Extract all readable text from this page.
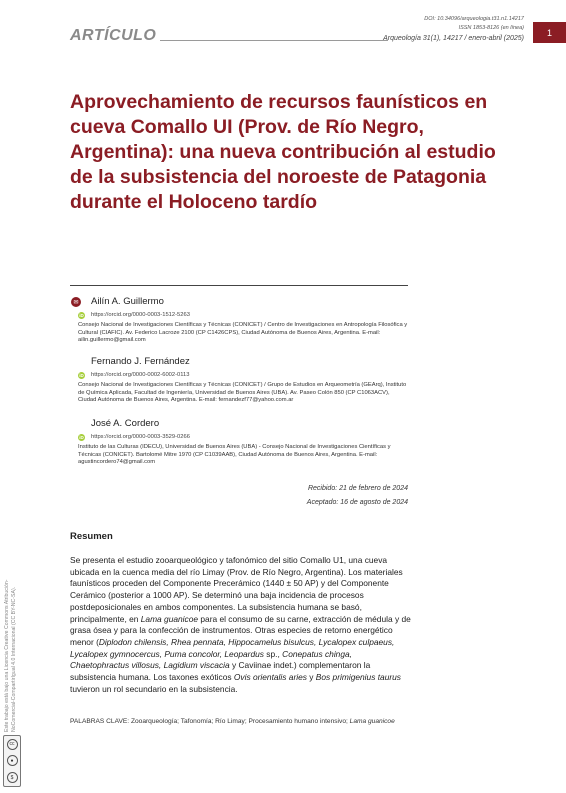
ARTÍCULO
DOI: 10.34096/arqueologia.t31.n1.14217
ISSN 1853-8126 (en línea)
Arqueología 31(1), 14217 / enero-abril (2025)
1
Aprovechamiento de recursos faunísticos en cueva Comallo UI (Prov. de Río Negro, Argentina): una nueva contribución al estudio de la subsistencia del noroeste de Patagonia durante el Holoceno tardío
✉	Ailín A. Guillermo

iD https://orcid.org/0000-0003-1512-5263
Consejo Nacional de Investigaciones Científicas y Técnicas (CONICET) / Centro de Investigaciones en Antropología Filosófica y Cultural (CIAFIC). Av. Federico Lacroze 2100 (CP C1426CPS), Ciudad Autónoma de Buenos Aires, Argentina. E-mail: ailin.guillermo@gmail.com

Fernando J. Fernández

iD https://orcid.org/0000-0002-6002-0113
Consejo Nacional de Investigaciones Científicas y Técnicas (CONICET) / Grupo de Estudios en Arqueometría (GEArq), Instituto de Química Aplicada, Facultad de Ingeniería, Universidad de Buenos Aires (UBA). Av. Paseo Colón 850 (CP C1063ACV), Ciudad Autónoma de Buenos Aires, Argentina. E-mail: fernandezf77@yahoo.com.ar

José A. Cordero

iD https://orcid.org/0000-0003-3529-0266
Instituto de las Culturas (IDECU), Universidad de Buenos Aires (UBA) - Consejo Nacional de Investigaciones Científicas y Técnicas (CONICET). Bartolomé Mitre 1970 (CP C1039AAB), Ciudad Autónoma de Buenos Aires, Argentina. E-mail: agustincordero74@gmail.com
Recibido: 21 de febrero de 2024
Aceptado: 16 de agosto de 2024
Resumen

Se presenta el estudio zooarqueológico y tafonómico del sitio Comallo U1, una cueva ubicada en la cuenca media del río Limay (Prov. de Río Negro, Argentina). Los materiales faunísticos proceden del Componente Precerámico (1440 ± 50 AP) y del Componente Cerámico (posterior a 1000 AP). Se determinó una baja incidencia de procesos postdeposicionales en ambos componentes. La subsistencia humana se basó, principalmente, en Lama guanicoe para el consumo de su carne, extracción de médula y de grasa ósea y para la confección de instrumentos. Otras especies de retorno energético menor (Diplodon chilensis, Rhea pennata, Hippocamelus bisulcus, Lycalopex culpaeus, Lycalopex gymnocercus, Puma concolor, Leopardus sp., Conepatus chinga, Chaetophractus villosus, Lagidium viscacia y Caviinae indet.) complementaron la subsistencia humana. Los taxones exóticos Ovis orientalis aries y Bos primigenius taurus tuvieron un rol secundario en la subsistencia.

PALABRAS CLAVE: Zooarqueología; Tafonomía; Río Limay; Procesamiento humano intensivo; Lama guanicoe

Este trabajo está bajo una Licencia Creative Commons Atribución- NoComercial-CompartirIgual 4.0 Internacional (CC BY-NC-SA).
cc
●
$
